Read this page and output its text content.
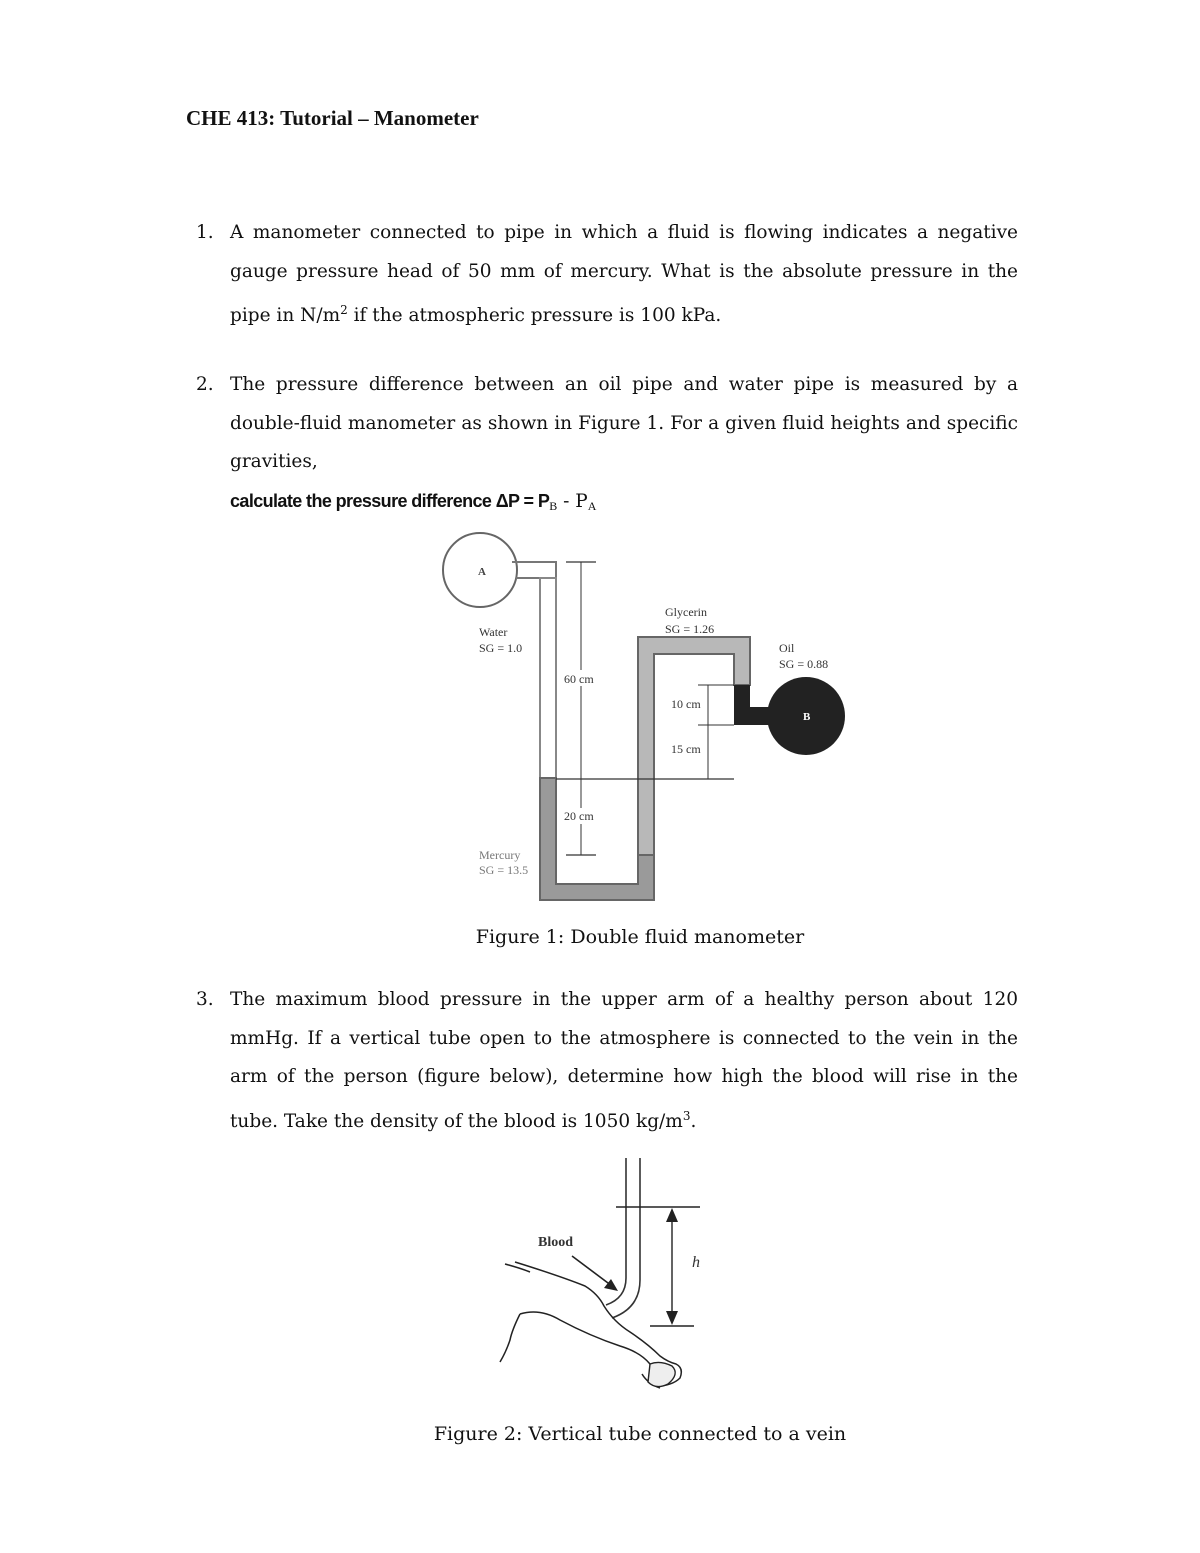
CHE 413: Tutorial – Manometer
1. A manometer connected to pipe in which a fluid is flowing indicates a negative gauge pressure head of 50 mm of mercury. What is the absolute pressure in the pipe in $N/m^2$ if the atmospheric pressure is 100 kPa.
2. The pressure difference between an oil pipe and water pipe is measured by a double-fluid manometer as shown in Figure 1. For a given fluid heights and specific gravities,
calculate the pressure difference $\Delta P = P_B - P_A$
A
B
60 cm
20 cm
10 cm
15 cm
Water
SG = 1.0
Glycerin
SG = 1.26
Oil
SG = 0.88
Mercury
SG = 13.5
Figure 1: Double fluid manometer
3. The maximum blood pressure in the upper arm of a healthy person about 120 mmHg. If a vertical tube open to the atmosphere is connected to the vein in the arm of the person (figure below), determine how high the blood will rise in the tube. Take the density of the blood is 1050 $kg/m^3$.
h
Blood
Figure 2: Vertical tube connected to a vein
